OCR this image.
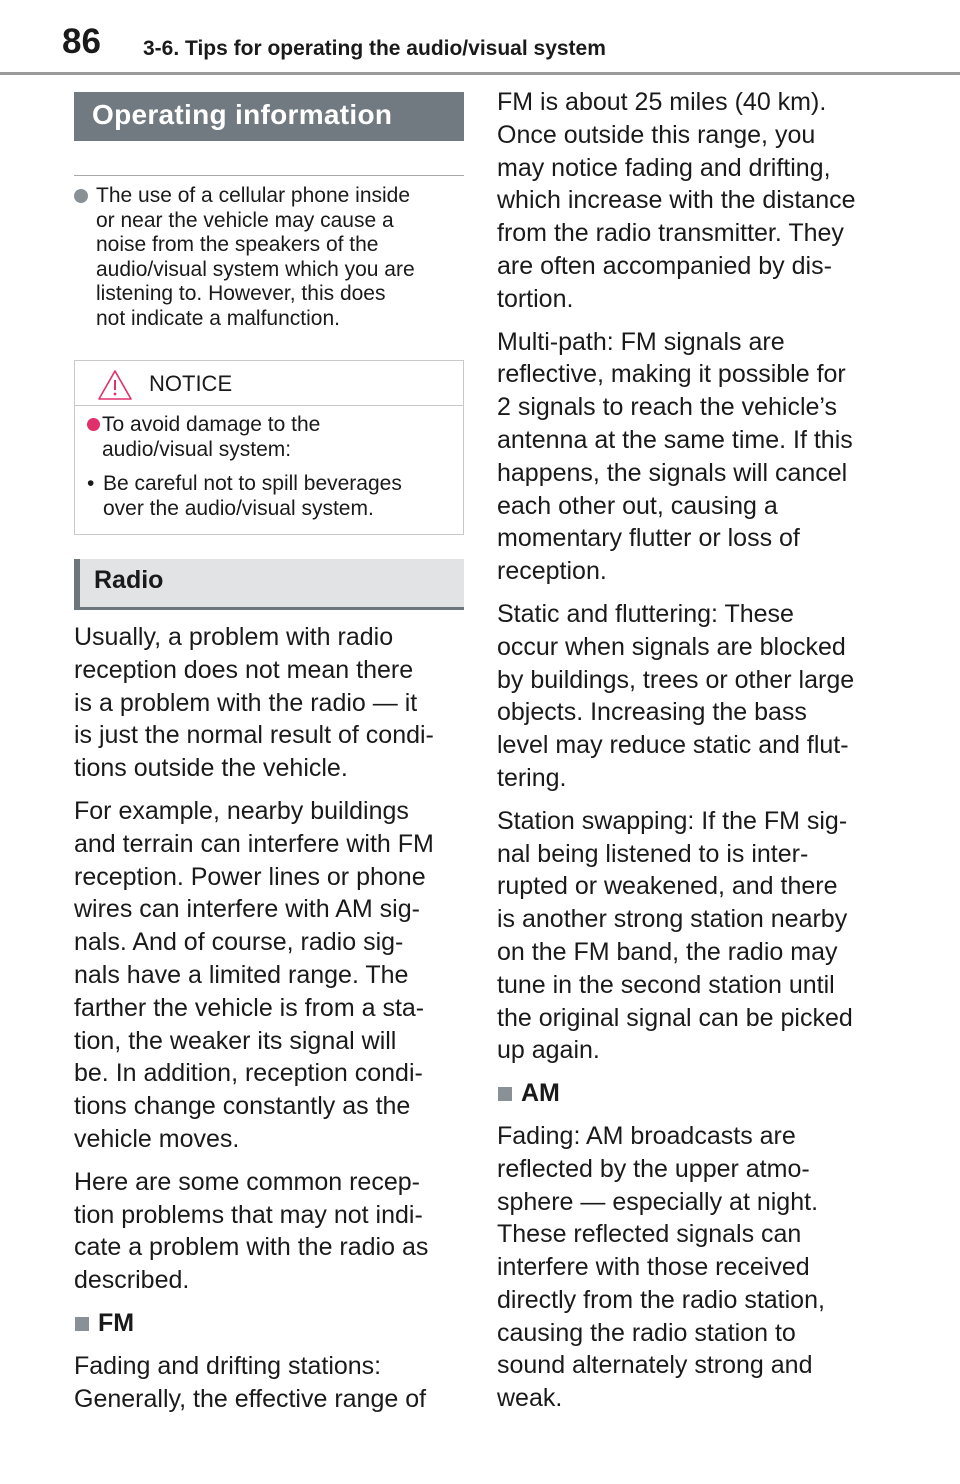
86 3-6. Tips for operating the audio/visual system
Operating information
The use of a cellular phone inside
or near the vehicle may cause a
noise from the speakers of the
audio/visual system which you are
listening to. However, this does
not indicate a malfunction.
NOTICE
To avoid damage to the
audio/visual system:
• Be careful not to spill beverages
over the audio/visual system.
Radio

Usually, a problem with radio
reception does not mean there
is a problem with the radio — it
is just the normal result of condi-
tions outside the vehicle.

For example, nearby buildings
and terrain can interfere with FM
reception. Power lines or phone
wires can interfere with AM sig-
nals. And of course, radio sig-
nals have a limited range. The
farther the vehicle is from a sta-
tion, the weaker its signal will
be. In addition, reception condi-
tions change constantly as the
vehicle moves.

Here are some common recep-
tion problems that may not indi-
cate a problem with the radio as
described.

FM

Fading and drifting stations:
Generally, the effective range of

FM is about 25 miles (40 km).
Once outside this range, you
may notice fading and drifting,
which increase with the distance
from the radio transmitter. They
are often accompanied by dis-
tortion.

Multi-path: FM signals are
reflective, making it possible for
2 signals to reach the vehicle’s
antenna at the same time. If this
happens, the signals will cancel
each other out, causing a
momentary flutter or loss of
reception.

Static and fluttering: These
occur when signals are blocked
by buildings, trees or other large
objects. Increasing the bass
level may reduce static and flut-
tering.

Station swapping: If the FM sig-
nal being listened to is inter-
rupted or weakened, and there
is another strong station nearby
on the FM band, the radio may
tune in the second station until
the original signal can be picked
up again.

AM

Fading: AM broadcasts are
reflected by the upper atmo-
sphere — especially at night.
These reflected signals can
interfere with those received
directly from the radio station,
causing the radio station to
sound alternately strong and
weak.
